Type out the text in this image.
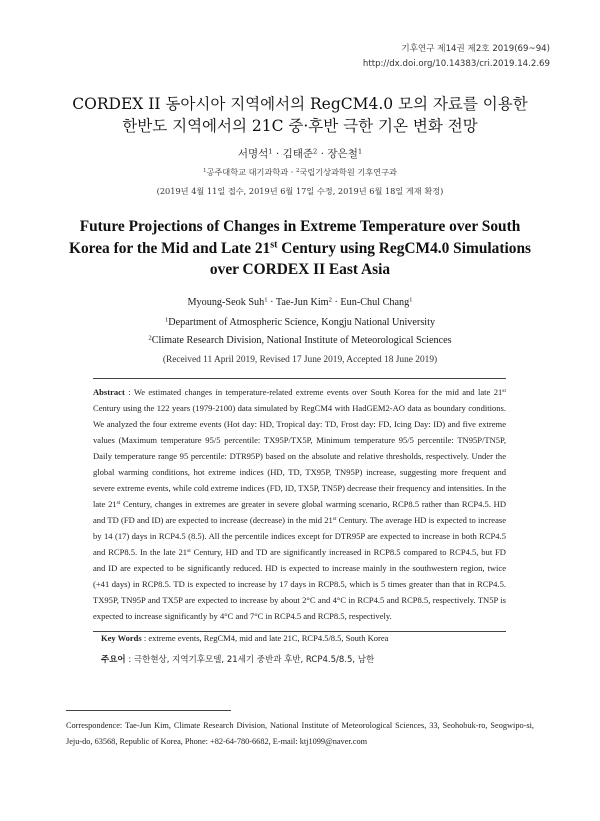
기후연구 제14권 제2호 2019(69~94)
http://dx.doi.org/10.14383/cri.2019.14.2.69
CORDEX II 동아시아 지역에서의 RegCM4.0 모의 자료를 이용한
한반도 지역에서의 21C 중·후반 극한 기온 변화 전망
서명석$^1$ · 김태준$^2$ · 장은철$^1$
$^1$공주대학교 대기과학과 · $^2$국립기상과학원 기후연구과
(2019년 4월 11일 접수, 2019년 6월 17일 수정, 2019년 6월 18일 게재 확정)
Future Projections of Changes in Extreme Temperature over South
Korea for the Mid and Late 21st Century using RegCM4.0 Simulations
over CORDEX II East Asia
Myoung-Seok Suh$^1$ · Tae-Jun Kim$^2$ · Eun-Chul Chang$^1$
$^1$Department of Atmospheric Science, Kongju National University
$^2$Climate Research Division, National Institute of Meteorological Sciences
(Received 11 April 2019, Revised 17 June 2019, Accepted 18 June 2019)

Abstract : We estimated changes in temperature-related extreme events over South Korea for the mid and late 21st Century using the 122 years (1979-2100) data simulated by RegCM4 with HadGEM2-AO data as boundary conditions. We analyzed the four extreme events (Hot day: HD, Tropical day: TD, Frost day: FD, Icing Day: ID) and five extreme values (Maximum temperature 95/5 percentile: TX95P/TX5P, Minimum temperature 95/5 percentile: TN95P/TN5P, Daily temperature range 95 percentile: DTR95P) based on the absolute and relative thresholds, respectively. Under the global warming conditions, hot extreme indices (HD, TD, TX95P, TN95P) increase, suggesting more frequent and severe extreme events, while cold extreme indices (FD, ID, TX5P, TN5P) decrease their frequency and intensities. In the late 21st Century, changes in extremes are greater in severe global warming scenario, RCP8.5 rather than RCP4.5. HD and TD (FD and ID) are expected to increase (decrease) in the mid 21st Century. The average HD is expected to increase by 14 (17) days in RCP4.5 (8.5). All the percentile indices except for DTR95P are expected to increase in both RCP4.5 and RCP8.5. In the late 21st Century, HD and TD are significantly increased in RCP8.5 compared to RCP4.5, but FD and ID are expected to be significantly reduced. HD is expected to increase mainly in the southwestern region, twice (+41 days) in RCP8.5. TD is expected to increase by 17 days in RCP8.5, which is 5 times greater than that in RCP4.5. TX95P, TN95P and TX5P are expected to increase by about 2°C and 4°C in RCP4.5 and RCP8.5, respectively. TN5P is expected to increase significantly by 4°C and 7°C in RCP4.5 and RCP8.5, respectively.

Key Words : extreme events, RegCM4, mid and late 21C, RCP4.5/8.5, South Korea
주요어 : 극한현상, 지역기후모델, 21세기 중반과 후반, RCP4.5/8.5, 남한
Correspondence: Tae-Jun Kim, Climate Research Division, National Institute of Meteorological Sciences, 33, Seohobuk-ro, Seogwipo-si, Jeju-do, 63568, Republic of Korea, Phone: +82-64-780-6682, E-mail: ktj1099@naver.com
